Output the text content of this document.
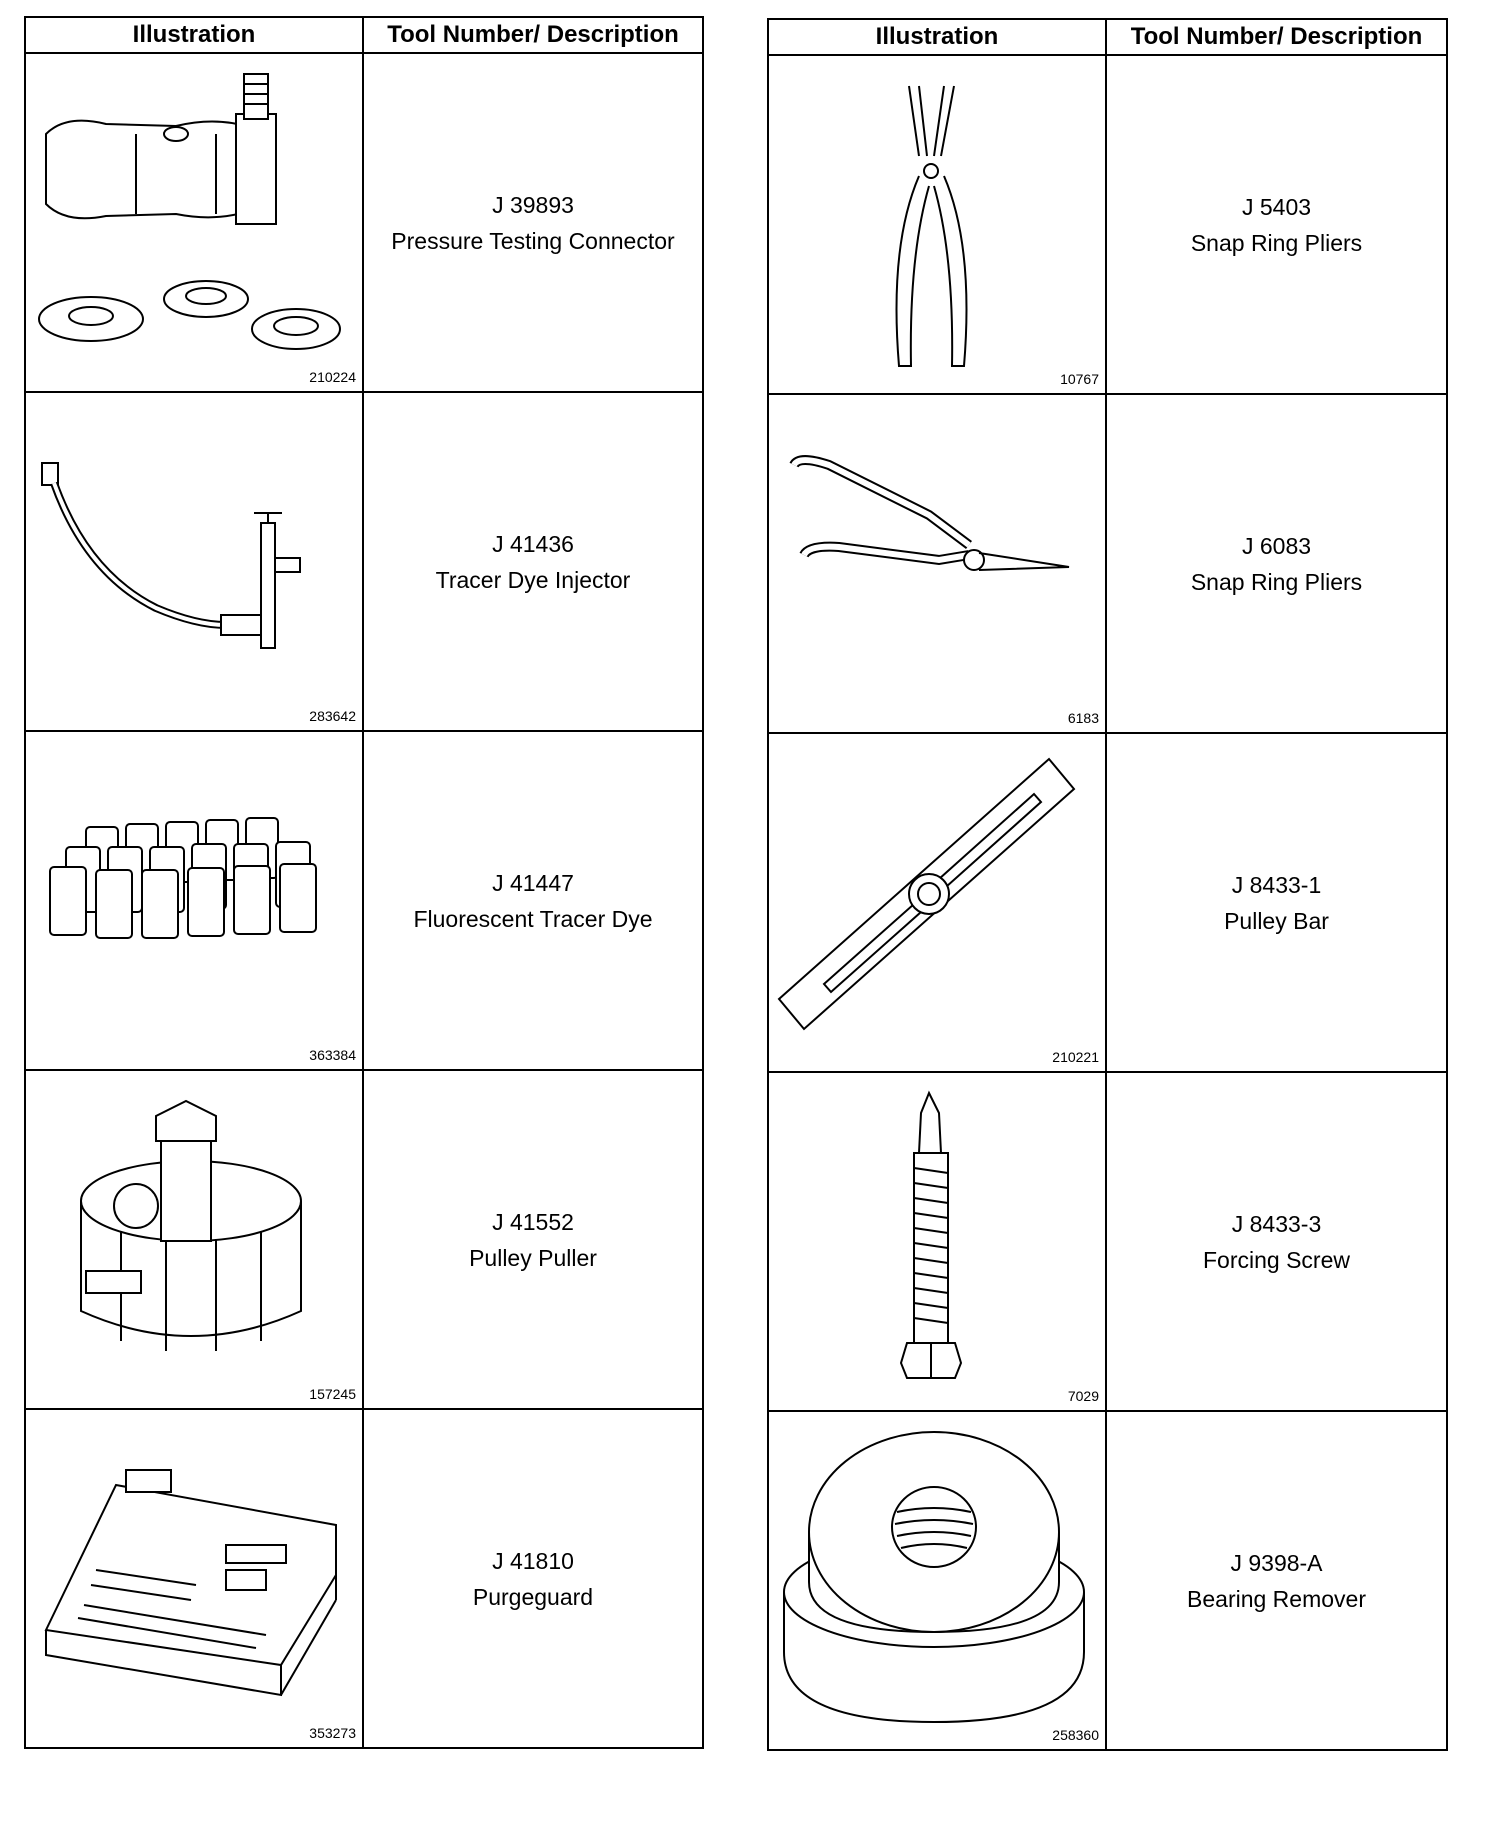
Illustration	Tool Number/ Description

210224	J 39893
Pressure Testing Connector

283642	J 41436
Tracer Dye Injector

363384	J 41447
Fluorescent Tracer Dye

157245	J 41552
Pulley Puller

353273	J 41810
Purgeguard
Illustration	Tool Number/ Description

10767	J 5403
Snap Ring Pliers

6183	J 6083
Snap Ring Pliers

210221	J 8433-1
Pulley Bar

7029	J 8433-3
Forcing Screw

258360	J 9398-A
Bearing Remover
